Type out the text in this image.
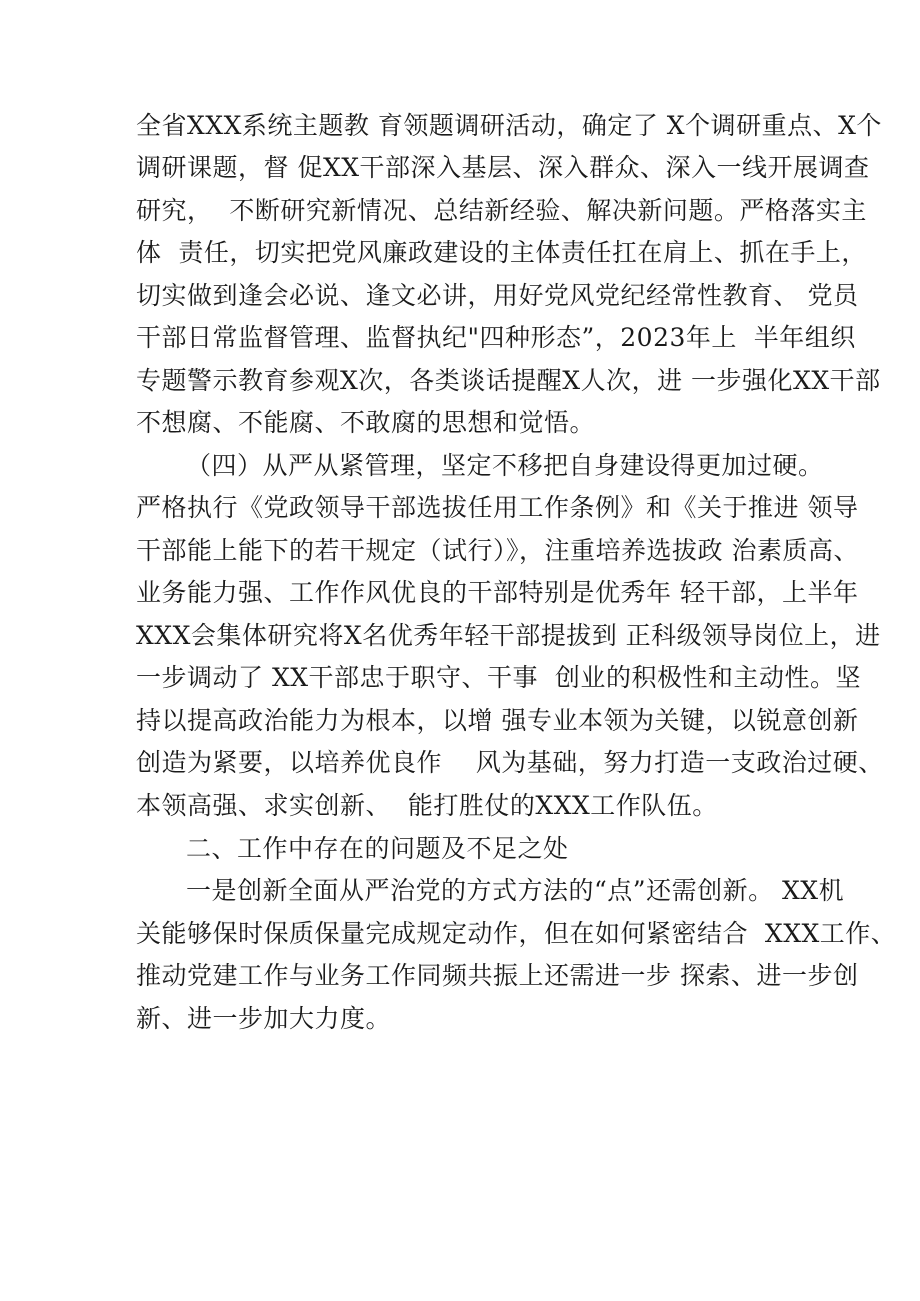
全省XXX系统主题教 育领题调研活动，确定了 X个调研重点、X个

调研课题，督 促XX干部深入基层、深入群众、深入一线开展调查

研究，  不断研究新情况、总结新经验、解决新问题。严格落实主

体  责任，切实把党风廉政建设的主体责任扛在肩上、抓在手上，

切实做到逢会必说、逢文必讲，用好党风党纪经常性教育、 党员

干部日常监督管理、监督执纪"四种形态”，2023年上  半年组织

专题警示教育参观X次，各类谈话提醒X人次，进 一步强化XX干部

不想腐、不能腐、不敢腐的思想和觉悟。

（四）从严从紧管理，坚定不移把自身建设得更加过硬。

严格执行《党政领导干部选拔任用工作条例》和《关于推进 领导

干部能上能下的若干规定（试行）》，注重培养选拔政 治素质高、

业务能力强、工作作风优良的干部特别是优秀年 轻干部，上半年

XXX会集体研究将X名优秀年轻干部提拔到 正科级领导岗位上，进

一步调动了 XX干部忠于职守、干事  创业的积极性和主动性。坚

持以提高政治能力为根本，以增 强专业本领为关键，以锐意创新

创造为紧要，以培养优良作    风为基础，努力打造一支政治过硬、

本领高强、求实创新、  能打胜仗的XXX工作队伍。

二、工作中存在的问题及不足之处

一是创新全面从严治党的方式方法的“点”还需创新。 XX机

关能够保时保质保量完成规定动作，但在如何紧密结合  XXX工作、

推动党建工作与业务工作同频共振上还需进一步 探索、进一步创

新、进一步加大力度。
